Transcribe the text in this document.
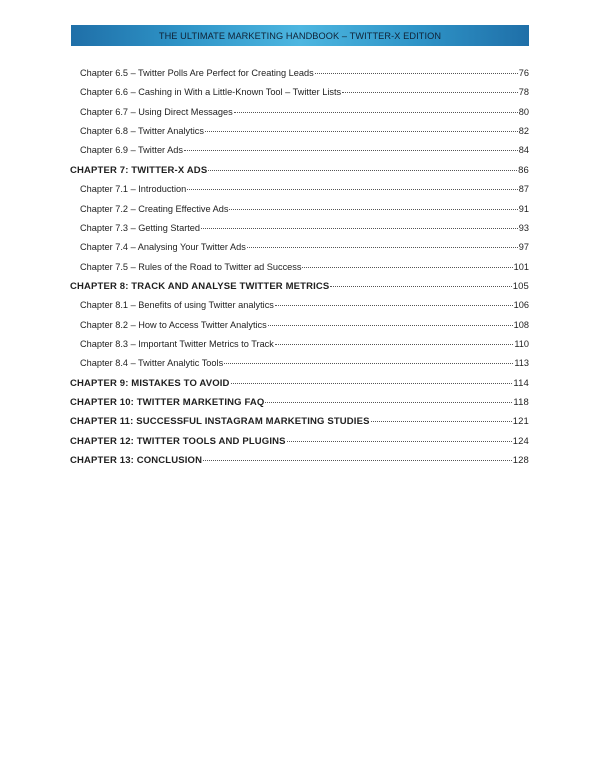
THE ULTIMATE MARKETING HANDBOOK – TWITTER-X EDITION
Chapter 6.5 – Twitter Polls Are Perfect for Creating Leads	76
Chapter 6.6 – Cashing in With a Little-Known Tool – Twitter Lists	78
Chapter 6.7 – Using Direct Messages	80
Chapter 6.8 – Twitter Analytics	82
Chapter 6.9 – Twitter Ads	84
CHAPTER 7: TWITTER-X ADS	86
Chapter 7.1 – Introduction	87
Chapter 7.2 – Creating Effective Ads	91
Chapter 7.3 – Getting Started	93
Chapter 7.4 – Analysing Your Twitter Ads	97
Chapter 7.5 – Rules of the Road to Twitter ad Success	101
CHAPTER 8: TRACK AND ANALYSE TWITTER METRICS	105
Chapter 8.1 – Benefits of using Twitter analytics	106
Chapter 8.2 – How to Access Twitter Analytics	108
Chapter 8.3 – Important Twitter Metrics to Track	110
Chapter 8.4 – Twitter Analytic Tools	113
CHAPTER 9: MISTAKES TO AVOID	114
CHAPTER 10: TWITTER MARKETING FAQ	118
CHAPTER 11: SUCCESSFUL INSTAGRAM MARKETING STUDIES	121
CHAPTER 12: TWITTER TOOLS AND PLUGINS	124
CHAPTER 13: CONCLUSION	128
